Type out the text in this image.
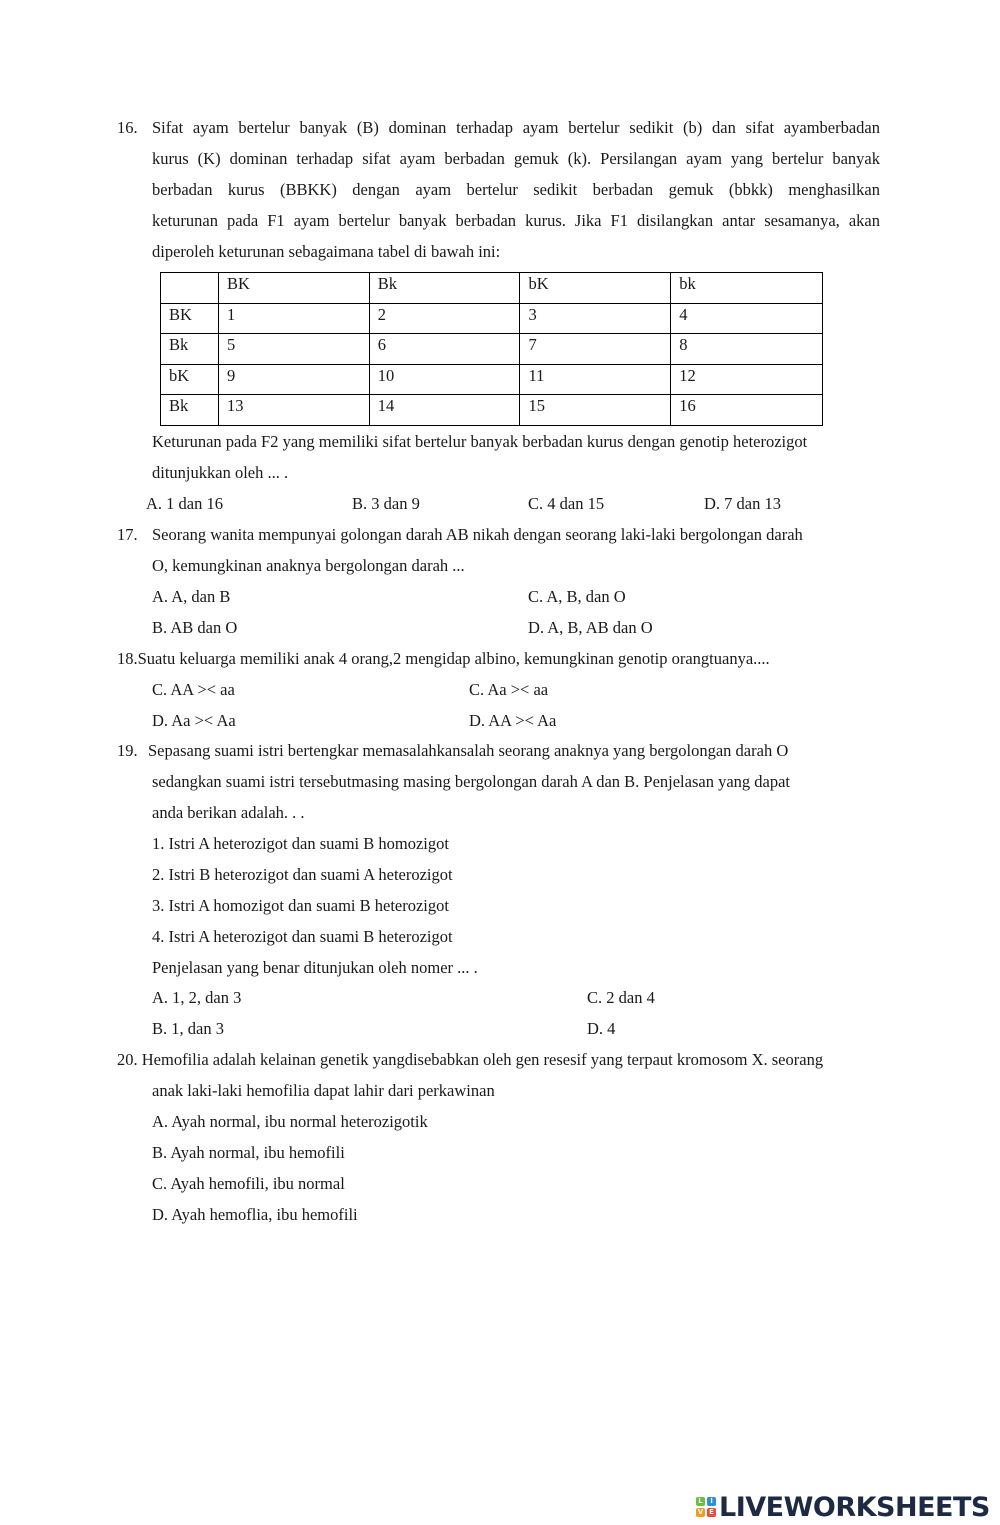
16. Sifat ayam bertelur banyak (B) dominan terhadap ayam bertelur sedikit (b) dan sifat ayamberbadan
kurus (K) dominan terhadap sifat ayam berbadan gemuk (k). Persilangan ayam yang bertelur banyak
berbadan kurus (BBKK) dengan ayam bertelur sedikit berbadan gemuk (bbkk) menghasilkan
keturunan pada F1 ayam bertelur banyak berbadan kurus. Jika F1 disilangkan antar sesamanya, akan
diperoleh keturunan sebagaimana tabel di bawah ini:
	BK	Bk	bK	bk
BK	1	2	3	4
Bk	5	6	7	8
bK	9	10	11	12
Bk	13	14	15	16
Keturunan pada F2 yang memiliki sifat bertelur banyak berbadan kurus dengan genotip heterozigot
ditunjukkan oleh ... .
A. 1 dan 16	B. 3 dan 9	C. 4 dan 15	D. 7 dan 13
17. Seorang wanita mempunyai golongan darah AB nikah dengan seorang laki-laki bergolongan darah
O, kemungkinan anaknya bergolongan darah ...
A. A, dan B	C. A, B, dan O
B. AB dan O	D. A, B, AB dan O
18.Suatu keluarga memiliki anak 4 orang,2 mengidap albino, kemungkinan genotip orangtuanya....
C. AA >< aa	C. Aa >< aa
D. Aa >< Aa	D. AA >< Aa
19. Sepasang suami istri bertengkar memasalahkansalah seorang anaknya yang bergolongan darah O
sedangkan suami istri tersebutmasing masing bergolongan darah A dan B. Penjelasan yang dapat
anda berikan adalah. . .
1. Istri A heterozigot dan suami B homozigot
2. Istri B heterozigot dan suami A heterozigot
3. Istri A homozigot dan suami B heterozigot
4. Istri A heterozigot dan suami B heterozigot
Penjelasan yang benar ditunjukan oleh nomer ... .
A. 1, 2, dan 3	C. 2 dan 4
B. 1, dan 3	D. 4
20. Hemofilia adalah kelainan genetik yangdisebabkan oleh gen resesif yang terpaut kromosom X. seorang
anak laki-laki hemofilia dapat lahir dari perkawinan
A. Ayah normal, ibu normal heterozigotik
B. Ayah normal, ibu hemofili
C. Ayah hemofili, ibu normal
D. Ayah hemoflia, ibu hemofili
L	I
V E LIVEWORKSHEETS
